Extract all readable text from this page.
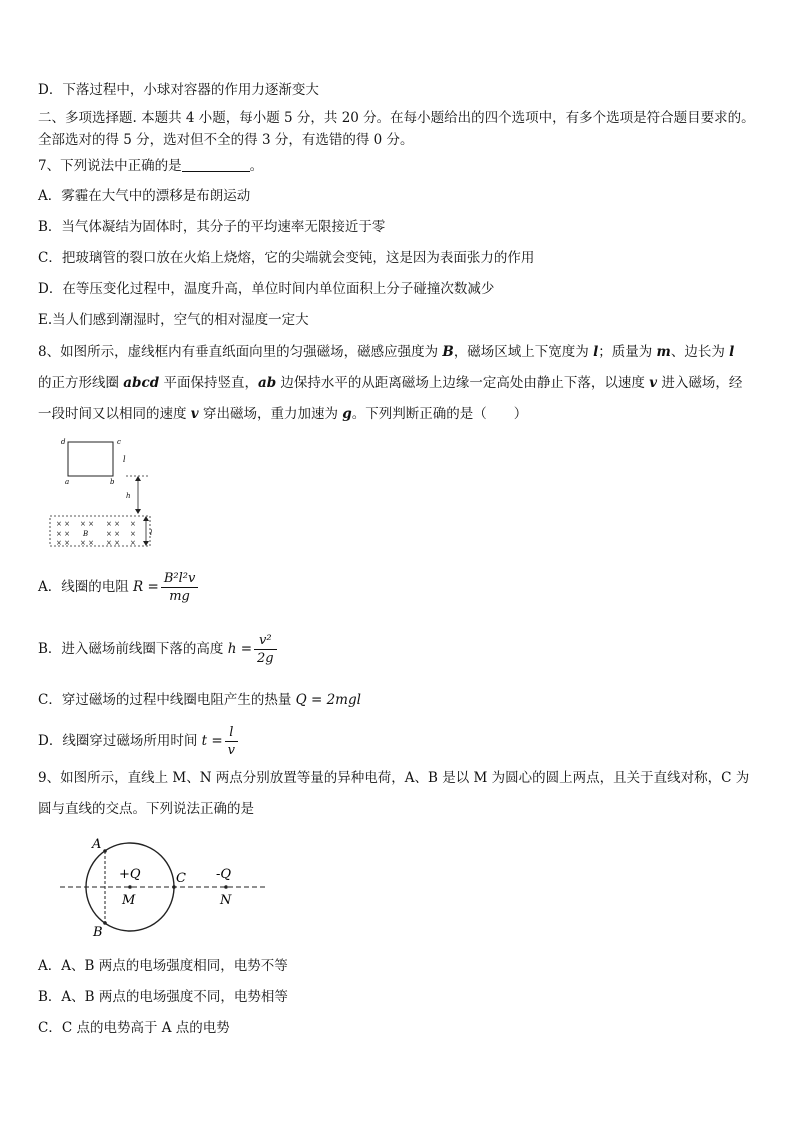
D．下落过程中，小球对容器的作用力逐渐变大
二、多项选择题. 本题共 4 小题，每小题 5 分，共 20 分。在每小题给出的四个选项中，有多个选项是符合题目要求的。
全部选对的得 5 分，选对但不全的得 3 分，有选错的得 0 分。
7、下列说法中正确的是	。
A．雾霾在大气中的漂移是布朗运动
B．当气体凝结为固体时，其分子的平均速率无限接近于零
C．把玻璃管的裂口放在火焰上烧熔，它的尖端就会变钝，这是因为表面张力的作用
D．在等压变化过程中，温度升高，单位时间内单位面积上分子碰撞次数减少
E.当人们感到潮湿时，空气的相对湿度一定大
8、如图所示，虚线框内有垂直纸面向里的匀强磁场，磁感应强度为 B，磁场区域上下宽度为 l；质量为 m、边长为 l
的正方形线圈 abcd 平面保持竖直，ab 边保持水平的从距离磁场上边缘一定高处由静止下落，以速度 v 进入磁场，经
一段时间又以相同的速度 v 穿出磁场，重力加速为 g。下列判断正确的是（　　）
d	c
a	b
l
h
× × × × × × ×
× ×	× × ×
× × × × × × ×
B	l
A．线圈的电阻 $R = \frac{\text{B²l²v}}{mg}$
B．进入磁场前线圈下落的高度 $h = \frac{\text{v²}}{2g}$
C．穿过磁场的过程中线圈电阻产生的热量 Q = 2mgl
D．线圈穿过磁场所用时间 $t = \frac{l}{v}$
9、如图所示，直线上 M、N 两点分别放置等量的异种电荷，A、B 是以 M 为圆心的圆上两点，且关于直线对称，C 为
圆与直线的交点。下列说法正确的是
A
B
+Q
M
C -Q
N
A．A、B 两点的电场强度相同，电势不等
B．A、B 两点的电场强度不同，电势相等
C．C 点的电势高于 A 点的电势
